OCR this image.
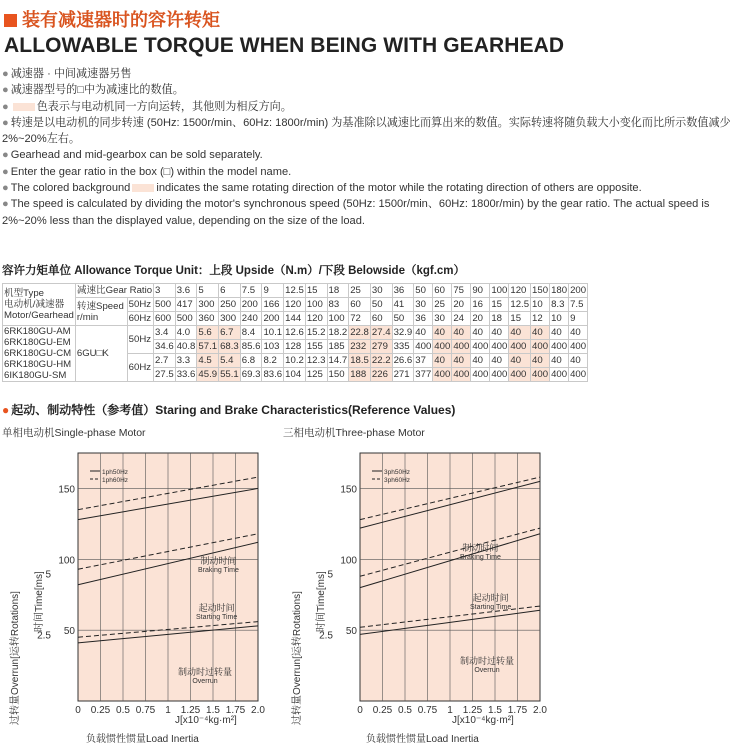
装有减速器时的容许转矩
ALLOWABLE TORQUE WHEN BEING WITH GEARHEAD
● 减速器 · 中间减速器另售
● 减速器型号的□中为减速比的数值。
●	色表示与电动机同一方向运转，其他则为相反方向。
● 转速是以电动机的同步转速 (50Hz: 1500r/min、60Hz: 1800r/min) 为基准除以减速比而算出来的数值。实际转速将随负载大小变化而比所示数值减少2%~20%左右。
● Gearhead and mid-gearbox can be sold separately.
● Enter the gear ratio in the box (□) within the model name.
● The colored background indicates the same rotating direction of the motor while the rotating direction of others are opposite.
● The speed is calculated by dividing the motor's synchronous speed (50Hz: 1500r/min、60Hz: 1800r/min) by the gear ratio. The actual speed is 2%~20% less than the displayed value, depending on the size of the load.
容许力矩单位 Allowance Torque Unit：上段 Upside（N.m）/下段 Belowside（kgf.cm）
机型Type
电动机/减速器
Motor/Gearhead	减速比Gear Ratio		3	3.6	5	6	7.5	9	12.5	15	18	25	30	36	50	60	75	90	100	120	150	180	200

	转速Speed
r/min	50Hz	500	417	300	250	200	166	120	100	83	60	50	41	30	25	20	16	15	12.5	10	8.3	7.5
		60Hz	600	500	360	300	240	200	144	120	100	72	60	50	36	30	24	20	18	15	12	10	9

6RK180GU-AM
6RK180GU-EM
6RK180GU-CM
6RK180GU-HM
6IK180GU-SM	6GU□K	50Hz	3.4	4.0	5.6	6.7	8.4	10.1	12.6	15.2	18.2	22.8	27.4	32.9	40	40	40	40	40	40	40	40	40
			34.6	40.8	57.1	68.3	85.6	103	128	155	185	232	279	335	400	400	400	400	400	400	400	400	400
		60Hz	2.7	3.3	4.5	5.4	6.8	8.2	10.2	12.3	14.7	18.5	22.2	26.6	37	40	40	40	40	40	40	40	40
			27.5	33.6	45.9	55.1	69.3	83.6	104	125	150	188	226	271	377	400	400	400	400	400	400	400	400
● 起动、制动特性（参考值）Staring and Brake Characteristics(Reference Values)
单相电动机Single-phase Motor	三相电动机Three-phase Motor
0 0.25 0.5 0.75 1 1.25 1.5 1.75 2.0
50
100
150
2.5
5
1ph50Hz
1ph60Hz
0 0.25 0.5 0.75 1 1.25 1.5 1.75 2.0
50
100
150
2.5
5
3ph50Hz
3ph60Hz
制动时间
Braking Time
起动时间
Starting Time
制动时过转量
Overrun
制动时间
Braking Time
起动时间
Starting Time
制动时过转量
Overrun
过转量Overrun[运转Rotations]	时间Time[ms]	过转量Overrun[运转Rotations]	时间Time[ms]
J[x10⁻⁴kg·m²]
负载惯性惯量Load Inertia
J[x10⁻⁴kg·m²]
负载惯性惯量Load Inertia
